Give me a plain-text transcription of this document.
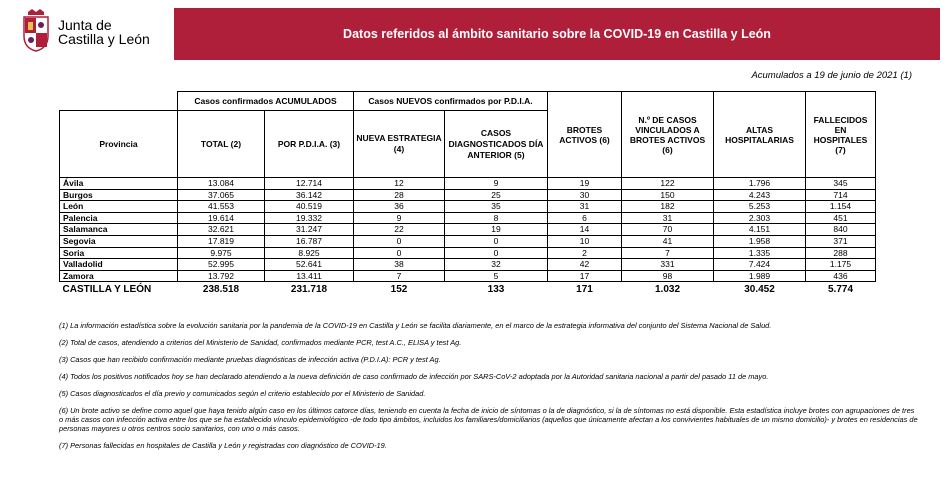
Junta de
Castilla y León	Datos referidos al ámbito sanitario sobre la COVID-19 en Castilla y León
Acumulados a 19 de junio de 2021 (1)
	Casos confirmados ACUMULADOS		Casos NUEVOS confirmados por P.D.I.A.		BROTES ACTIVOS (6)	N.º DE CASOS VINCULADOS A BROTES ACTIVOS (6)	ALTAS HOSPITALARIAS	FALLECIDOS EN HOSPITALES (7)
Provincia	TOTAL (2)	POR P.D.I.A. (3)	NUEVA ESTRATEGIA (4)	CASOS DIAGNOSTICADOS DÍA ANTERIOR (5)				
Ávila	13.084	12.714	12	9	19	122	1.796	345
Burgos	37.065	36.142	28	25	30	150	4.243	714
León	41.553	40.519	36	35	31	182	5.253	1.154
Palencia	19.614	19.332	9	8	6	31	2.303	451
Salamanca	32.621	31.247	22	19	14	70	4.151	840
Segovia	17.819	16.787	0	0	10	41	1.958	371
Soria	9.975	8.925	0	0	2	7	1.335	288
Valladolid	52.995	52.641	38	32	42	331	7.424	1.175
Zamora	13.792	13.411	7	5	17	98	1.989	436
CASTILLA Y LEÓN	238.518	231.718	152	133	171	1.032	30.452	5.774

(1) La información estadística sobre la evolución sanitaria por la pandemia de la COVID-19 en Castilla y León se facilita diariamente, en el marco de la estrategia informativa del conjunto del Sistema Nacional de Salud.

(2) Total de casos, atendiendo a criterios del Ministerio de Sanidad, confirmados mediante PCR, test A.C., ELISA y test Ag.

(3) Casos que han recibido confirmación mediante pruebas diagnósticas de infección activa (P.D.I.A): PCR y test Ag.

(4) Todos los positivos notificados hoy se han declarado atendiendo a la nueva definición de caso confirmado de infección por SARS-CoV-2 adoptada por la Autoridad sanitaria nacional a partir del pasado 11 de mayo.

(5) Casos diagnosticados el día previo y comunicados según el criterio establecido por el Ministerio de Sanidad.

(6) Un brote activo se define como aquel que haya tenido algún caso en los últimos catorce días, teniendo en cuenta la fecha de inicio de síntomas o la de diagnóstico, si la de síntomas no está disponible. Esta estadística incluye brotes con agrupaciones de tres o más casos con infección activa entre los que se ha establecido vínculo epidemiológico -de todo tipo ámbitos, incluidos los familiares/domiciliarios (aquellos que únicamente afectan a los convivientes habituales de un mismo domicilio)- y brotes en residencias de personas mayores u otros centros socio sanitarios, con uno o más casos.

(7) Personas fallecidas en hospitales de Castilla y León y registradas con diagnóstico de COVID-19.
